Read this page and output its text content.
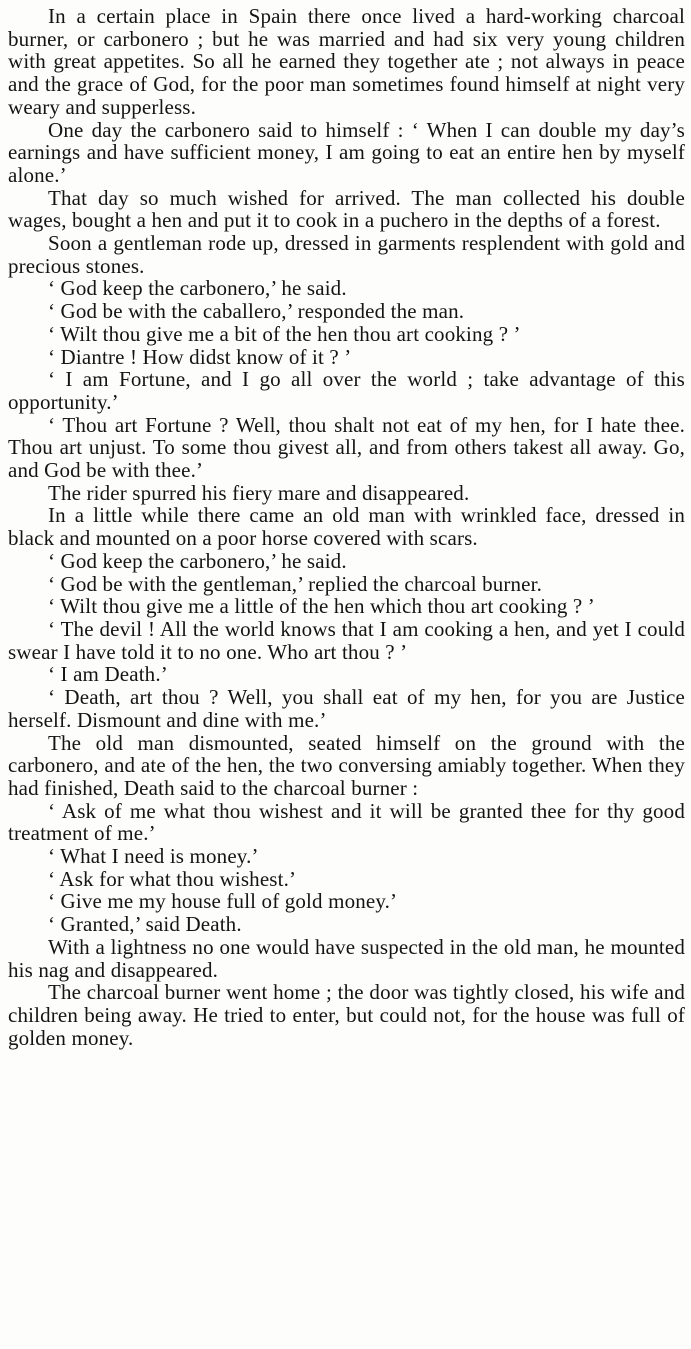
In a certain place in Spain there once lived a hard-working charcoal burner, or carbonero ; but he was married and had six very young children with great appetites. So all he earned they together ate ; not always in peace and the grace of God, for the poor man sometimes found himself at night very weary and supperless.

One day the carbonero said to himself : ‘ When I can double my day’s earnings and have sufficient money, I am going to eat an entire hen by myself alone.’

That day so much wished for arrived. The man collected his double wages, bought a hen and put it to cook in a puchero in the depths of a forest.

Soon a gentleman rode up, dressed in garments resplendent with gold and precious stones.

‘ God keep the carbonero,’ he said.

‘ God be with the caballero,’ responded the man.

‘ Wilt thou give me a bit of the hen thou art cooking ? ’

‘ Diantre ! How didst know of it ? ’

‘ I am Fortune, and I go all over the world ; take advantage of this opportunity.’

‘ Thou art Fortune ? Well, thou shalt not eat of my hen, for I hate thee. Thou art unjust. To some thou givest all, and from others takest all away. Go, and God be with thee.’

The rider spurred his fiery mare and disappeared.

In a little while there came an old man with wrinkled face, dressed in black and mounted on a poor horse covered with scars.

‘ God keep the carbonero,’ he said.

‘ God be with the gentleman,’ replied the charcoal burner.

‘ Wilt thou give me a little of the hen which thou art cooking ? ’

‘ The devil ! All the world knows that I am cooking a hen, and yet I could swear I have told it to no one. Who art thou ? ’

‘ I am Death.’

‘ Death, art thou ? Well, you shall eat of my hen, for you are Justice herself. Dismount and dine with me.’

The old man dismounted, seated himself on the ground with the carbonero, and ate of the hen, the two conversing amiably together. When they had finished, Death said to the charcoal burner :

‘ Ask of me what thou wishest and it will be granted thee for thy good treatment of me.’

‘ What I need is money.’

‘ Ask for what thou wishest.’

‘ Give me my house full of gold money.’

‘ Granted,’ said Death.

With a lightness no one would have suspected in the old man, he mounted his nag and disappeared.

The charcoal burner went home ; the door was tightly closed, his wife and children being away. He tried to enter, but could not, for the house was full of golden money.
